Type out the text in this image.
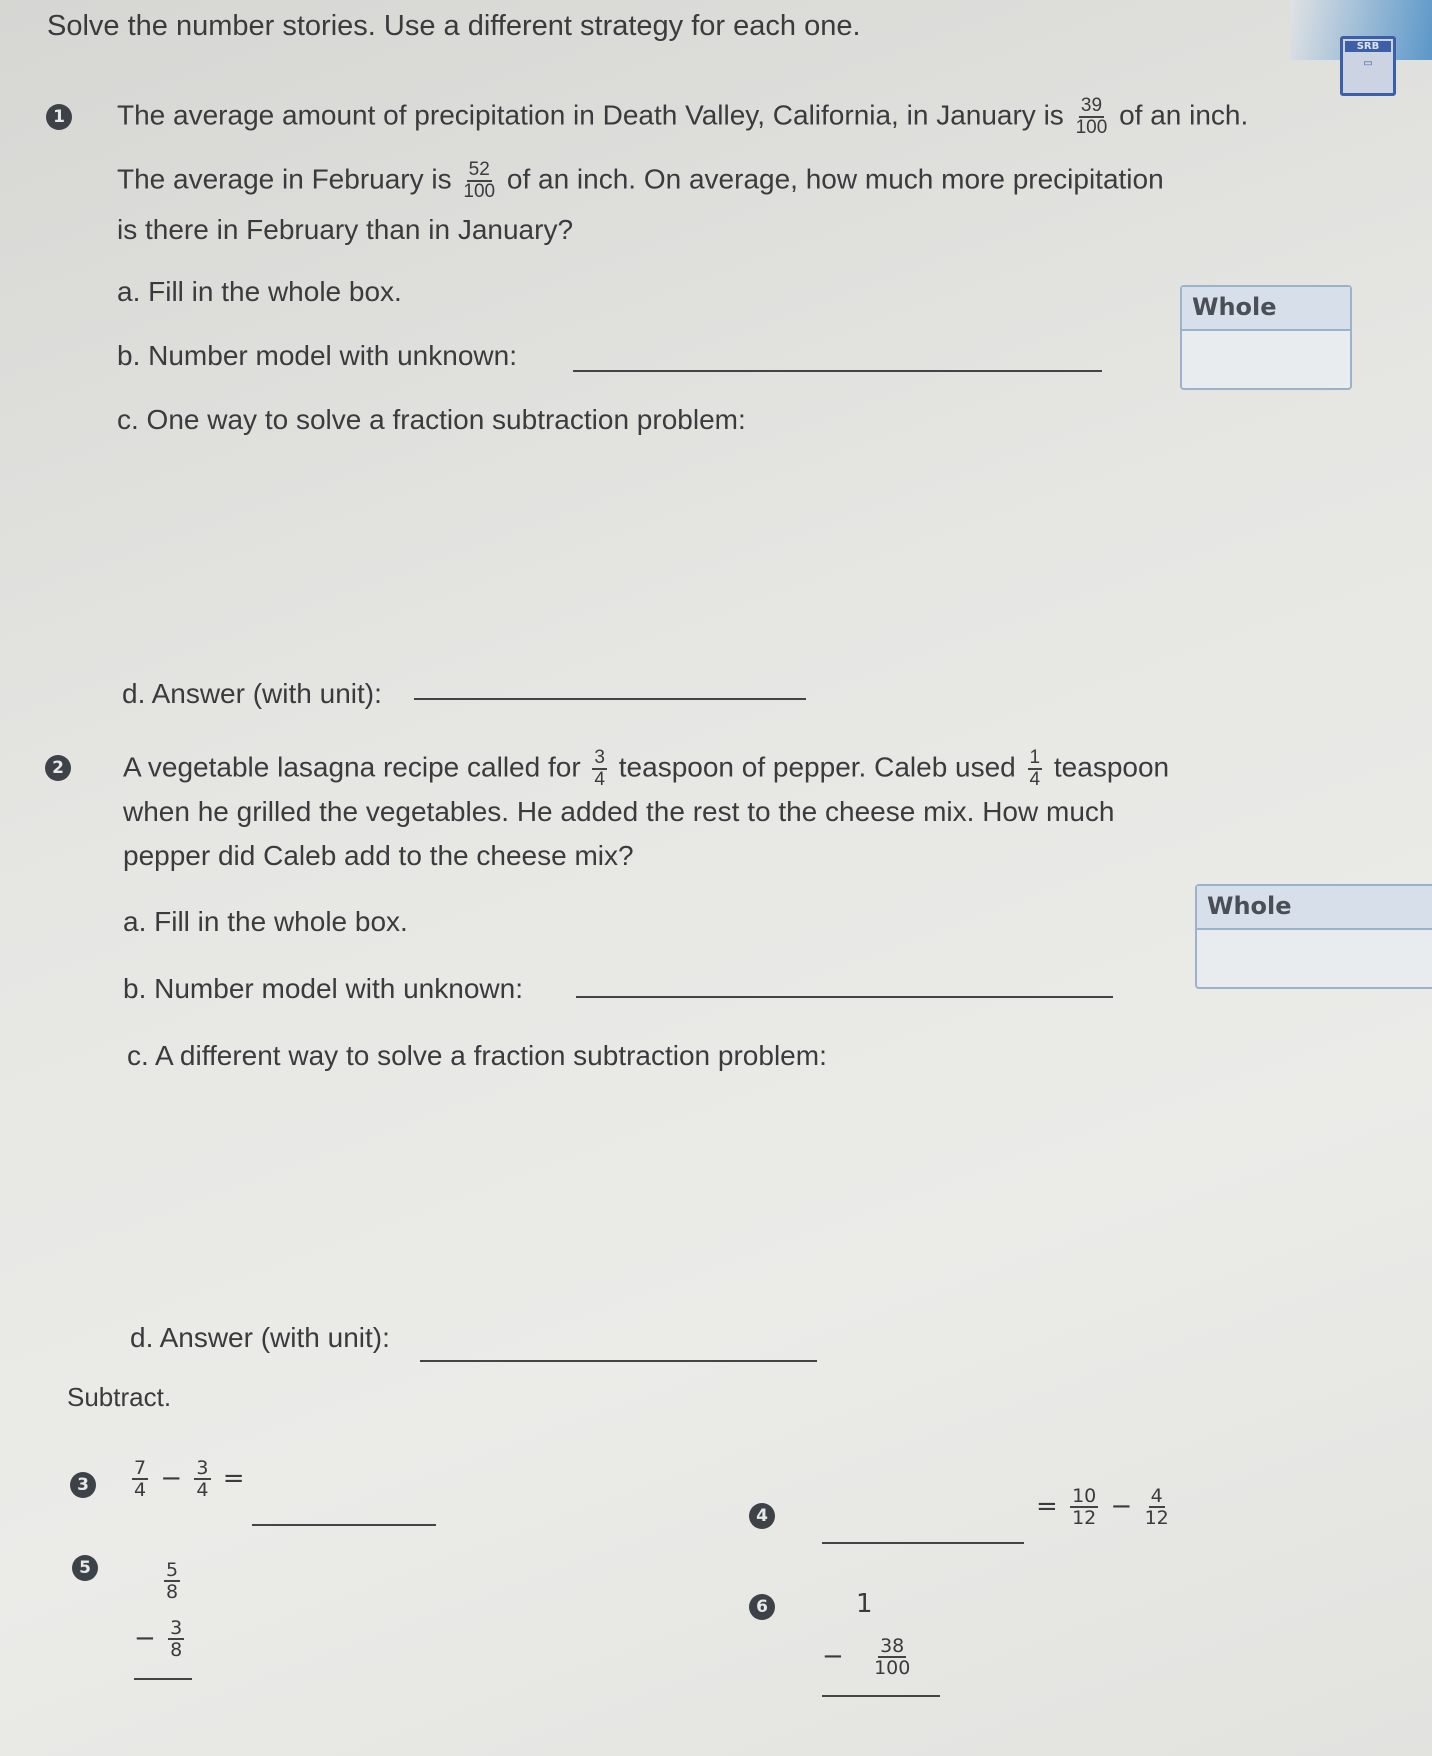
SRB
▭
Solve the number stories. Use a different strategy for each one.
1 The average amount of precipitation in Death Valley, California, in January is $\frac{39}{100}$ of an inch.
The average in February is $\frac{52}{100}$ of an inch. On average, how much more precipitation
is there in February than in January?
a. Fill in the whole box.
b. Number model with unknown:
Whole
c. One way to solve a fraction subtraction problem:
d. Answer (with unit):
2 A vegetable lasagna recipe called for $\frac{3}{4}$ teaspoon of pepper. Caleb used $\frac{1}{4}$ teaspoon
when he grilled the vegetables. He added the rest to the cheese mix. How much
pepper did Caleb add to the cheese mix?
a. Fill in the whole box.
b. Number model with unknown:
Whole
c. A different way to solve a fraction subtraction problem:
d. Answer (with unit):
Subtract.
3	$\frac{7}{4} - \frac{3}{4}$ =
4	= $\frac{10}{12} - \frac{4}{12}$
5	$\frac{5}{8}$
− $\frac{3}{8}$
6	1
− $\frac{38}{100}$
